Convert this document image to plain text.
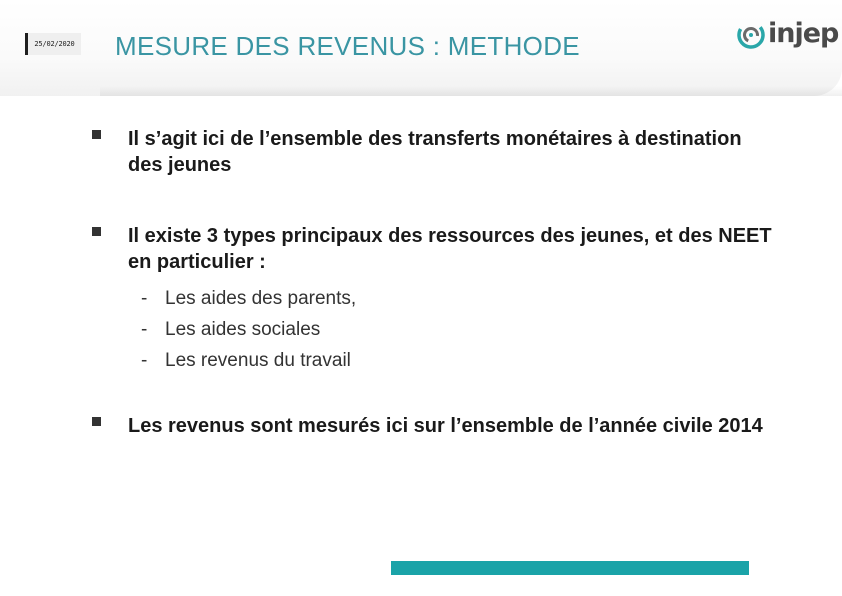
25/02/2020 MESURE DES REVENUS : METHODE	injep
Il s’agit ici de l’ensemble des transferts monétaires à destination des jeunes
Il existe 3 types principaux des ressources des jeunes, et des NEET en particulier :
- Les aides des parents,
- Les aides sociales
- Les revenus du travail
Les revenus sont mesurés ici sur l’ensemble de l’année civile 2014
